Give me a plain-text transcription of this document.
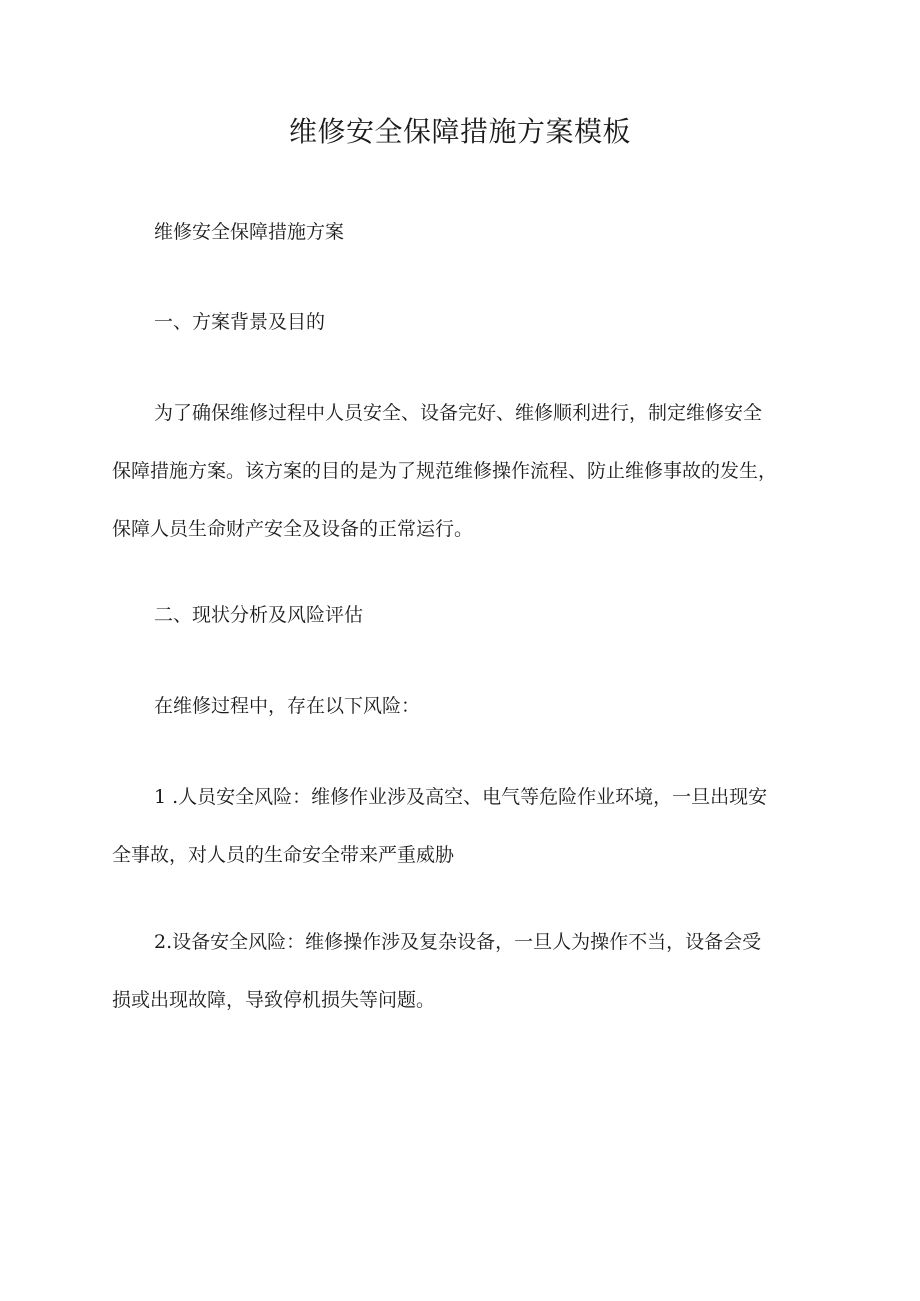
维修安全保障措施方案模板

维修安全保障措施方案

一、方案背景及目的

为了确保维修过程中人员安全、设备完好、维修顺利进行，制定维修安全
保障措施方案。该方案的目的是为了规范维修操作流程、防止维修事故的发生，
保障人员生命财产安全及设备的正常运行。

二、现状分析及风险评估

在维修过程中，存在以下风险：

1 .人员安全风险：维修作业涉及高空、电气等危险作业环境，一旦出现安
全事故，对人员的生命安全带来严重威胁

2.设备安全风险：维修操作涉及复杂设备，一旦人为操作不当，设备会受
损或出现故障，导致停机损失等问题。
